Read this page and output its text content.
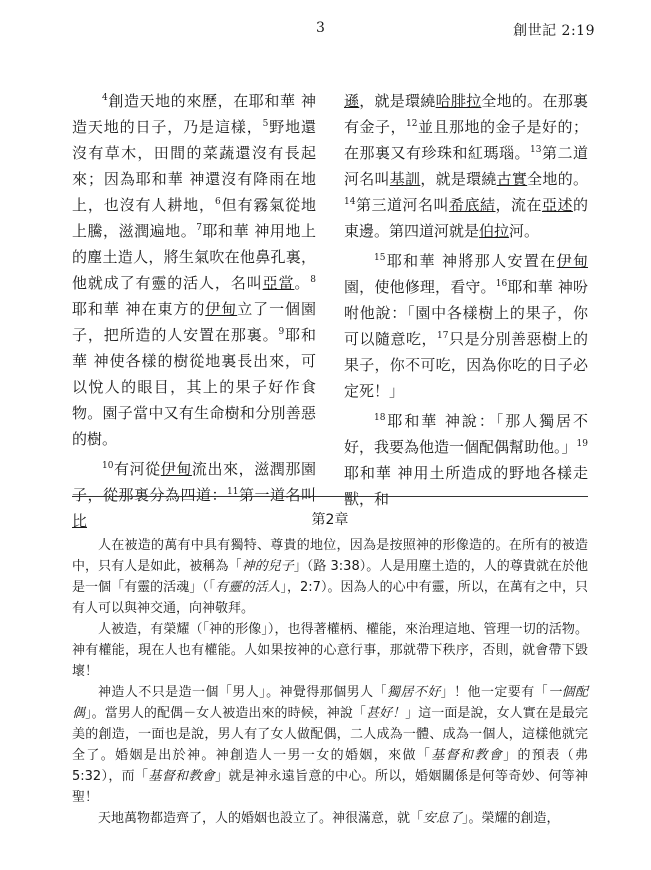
3	創世記 2:19

$^4$創造天地的來歷，在耶和華 神造天地的日子，乃是這樣，$^5$野地還沒有草木，田間的菜蔬還沒有長起來；因為耶和華 神還沒有降雨在地上，也沒有人耕地，$^6$但有霧氣從地上騰，滋潤遍地。$^7$耶和華 神用地上的塵土造人，將生氣吹在他鼻孔裏，他就成了有靈的活人，名叫亞當。$^8$耶和華 神在東方的伊甸立了一個園子，把所造的人安置在那裏。$^9$耶和華 神使各樣的樹從地裏長出來，可以悅人的眼目，其上的果子好作食物。園子當中又有生命樹和分別善惡的樹。

$^{10}$有河從伊甸流出來，滋潤那園子，從那裏分為四道：$^{11}$第一道名叫比

遜，就是環繞哈腓拉全地的。在那裏有金子，$^{12}$並且那地的金子是好的；在那裏又有珍珠和紅瑪瑙。$^{13}$第二道河名叫基訓，就是環繞古實全地的。$^{14}$第三道河名叫希底結，流在亞述的東邊。第四道河就是伯拉河。

$^{15}$耶和華 神將那人安置在伊甸園，使他修理，看守。$^{16}$耶和華 神吩咐他說：「園中各樣樹上的果子，你可以隨意吃，$^{17}$只是分別善惡樹上的果子，你不可吃，因為你吃的日子必定死！」

$^{18}$耶和華 神說：「那人獨居不好，我要為他造一個配偶幫助他。」$^{19}$耶和華 神用土所造成的野地各樣走獸，和

第2章

人在被造的萬有中具有獨特、尊貴的地位，因為是按照神的形像造的。在所有的被造中，只有人是如此，被稱為「神的兒子」（路 3:38）。人是用塵土造的，人的尊貴就在於他是一個「有靈的活魂」（「有靈的活人」，2:7）。因為人的心中有靈，所以，在萬有之中，只有人可以與神交通，向神敬拜。

人被造，有榮耀（「神的形像」），也得著權柄、權能，來治理這地、管理一切的活物。神有權能，現在人也有權能。人如果按神的心意行事，那就帶下秩序，否則，就會帶下毀壞！

神造人不只是造一個「男人」。神覺得那個男人「獨居不好」！他一定要有「一個配偶」。當男人的配偶－女人被造出來的時候，神說「甚好！」這一面是說，女人實在是最完美的創造，一面也是說，男人有了女人做配偶，二人成為一體、成為一個人，這樣他就完全了。婚姻是出於神。神創造人一男一女的婚姻，來做「基督和教會」的預表（弗 5:32），而「基督和教會」就是神永遠旨意的中心。所以，婚姻關係是何等奇妙、何等神聖！

天地萬物都造齊了，人的婚姻也設立了。神很滿意，就「安息了」。榮耀的創造，
